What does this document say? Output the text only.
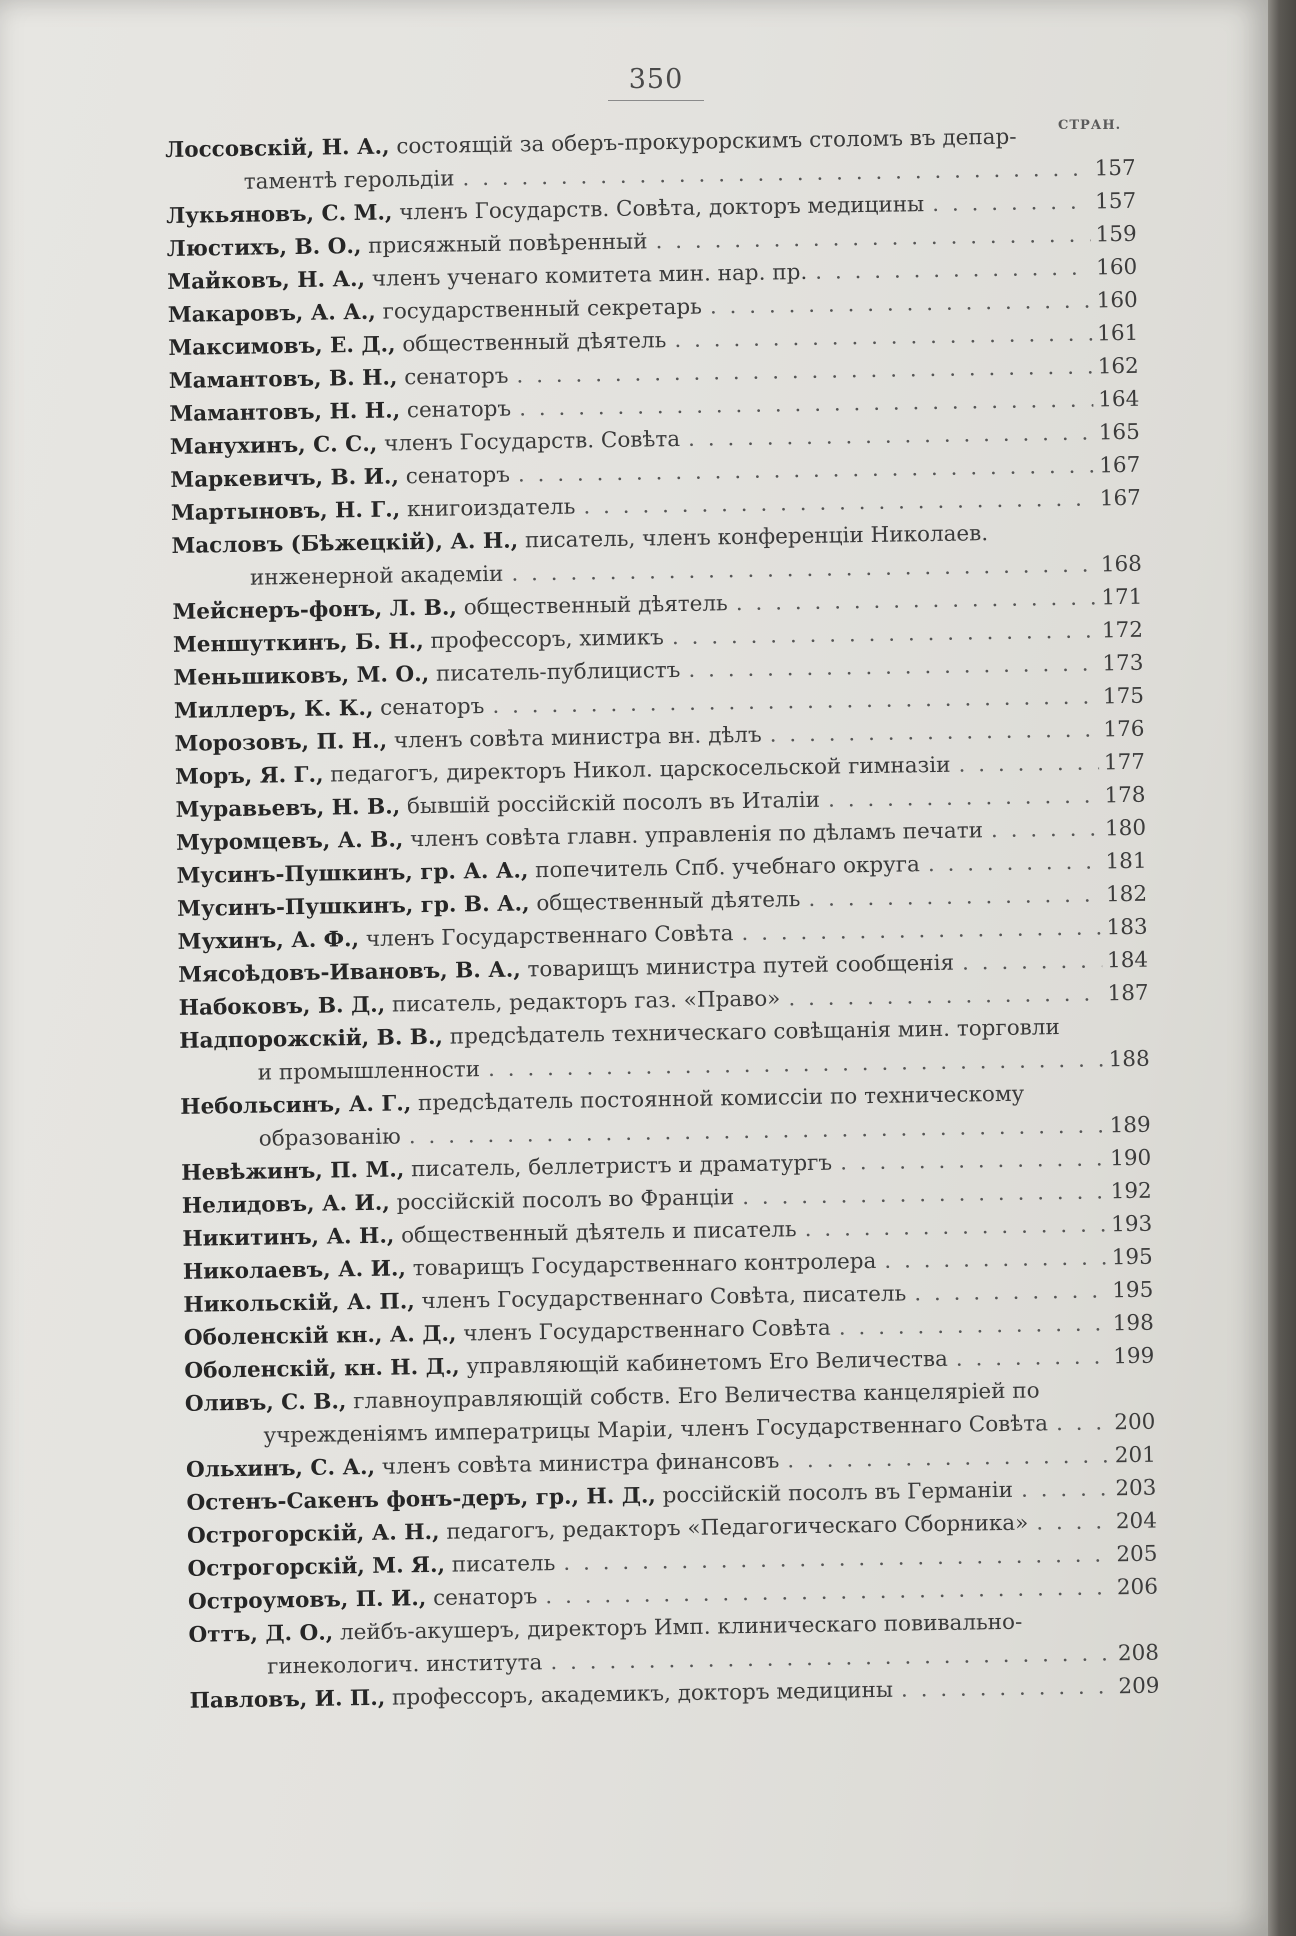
350
СТРАН.
Лоссовскій, Н. А., состоящій за оберъ-прокурорскимъ столомъ въ депар-
таментѣ герольдіи . . .	157
Лукьяновъ, С. М., членъ Государств. Совѣта, докторъ медицины . . .	157
Люстихъ, В. О., присяжный повѣренный . . .	159
Майковъ, Н. А., членъ ученаго комитета мин. нар. пр. . . .	160
Макаровъ, А. А., государственный секретарь . . .	160
Максимовъ, Е. Д., общественный дѣятель . . .	161
Мамантовъ, В. Н., сенаторъ . . .	162
Мамантовъ, Н. Н., сенаторъ . . .	164
Манухинъ, С. С., членъ Государств. Совѣта . . .	165
Маркевичъ, В. И., сенаторъ . . .	167
Мартыновъ, Н. Г., книгоиздатель . . .	167
Масловъ (Бѣжецкій), А. Н., писатель, членъ конференціи Николаев.
инженерной академіи . . .	168
Мейснеръ-фонъ, Л. В., общественный дѣятель . . .	171
Меншуткинъ, Б. Н., профессоръ, химикъ . . .	172
Меньшиковъ, М. О., писатель-публицистъ . . .	173
Миллеръ, К. К., сенаторъ . . .	175
Морозовъ, П. Н., членъ совѣта министра вн. дѣлъ . . .	176
Моръ, Я. Г., педагогъ, директоръ Никол. царскосельской гимназіи . . .	177
Муравьевъ, Н. В., бывшій россійскій посолъ въ Италіи . . .	178
Муромцевъ, А. В., членъ совѣта главн. управленія по дѣламъ печати . . .	180
Мусинъ-Пушкинъ, гр. А. А., попечитель Спб. учебнаго округа . . .	181
Мусинъ-Пушкинъ, гр. В. А., общественный дѣятель . . .	182
Мухинъ, А. Ф., членъ Государственнаго Совѣта . . .	183
Мясоѣдовъ-Ивановъ, В. А., товарищъ министра путей сообщенія . . .	184
Набоковъ, В. Д., писатель, редакторъ газ. «Право» . . .	187
Надпорожскій, В. В., предсѣдатель техническаго совѣщанія мин. торговли
и промышленности . . .	188
Небольсинъ, А. Г., предсѣдатель постоянной комиссіи по техническому
образованію . . .	189
Невѣжинъ, П. М., писатель, беллетристъ и драматургъ . . .	190
Нелидовъ, А. И., россійскій посолъ во Франціи . . .	192
Никитинъ, А. Н., общественный дѣятель и писатель . . .	193
Николаевъ, А. И., товарищъ Государственнаго контролера . . .	195
Никольскій, А. П., членъ Государственнаго Совѣта, писатель . . .	195
Оболенскій кн., А. Д., членъ Государственнаго Совѣта . . .	198
Оболенскій, кн. Н. Д., управляющій кабинетомъ Его Величества . . .	199
Оливъ, С. В., главноуправляющій собств. Его Величества канцеляріей по
учрежденіямъ императрицы Маріи, членъ Государственнаго Совѣта . . .	200
Ольхинъ, С. А., членъ совѣта министра финансовъ . . .	201
Остенъ-Сакенъ фонъ-деръ, гр., Н. Д., россійскій посолъ въ Германіи . . .	203
Острогорскій, А. Н., педагогъ, редакторъ «Педагогическаго Сборника» . . .	204
Острогорскій, М. Я., писатель . . .	205
Остроумовъ, П. И., сенаторъ . . .	206
Оттъ, Д. О., лейбъ-акушеръ, директоръ Имп. клиническаго повивально-
гинекологич. института . . .	208
Павловъ, И. П., профессоръ, академикъ, докторъ медицины . . .	209
